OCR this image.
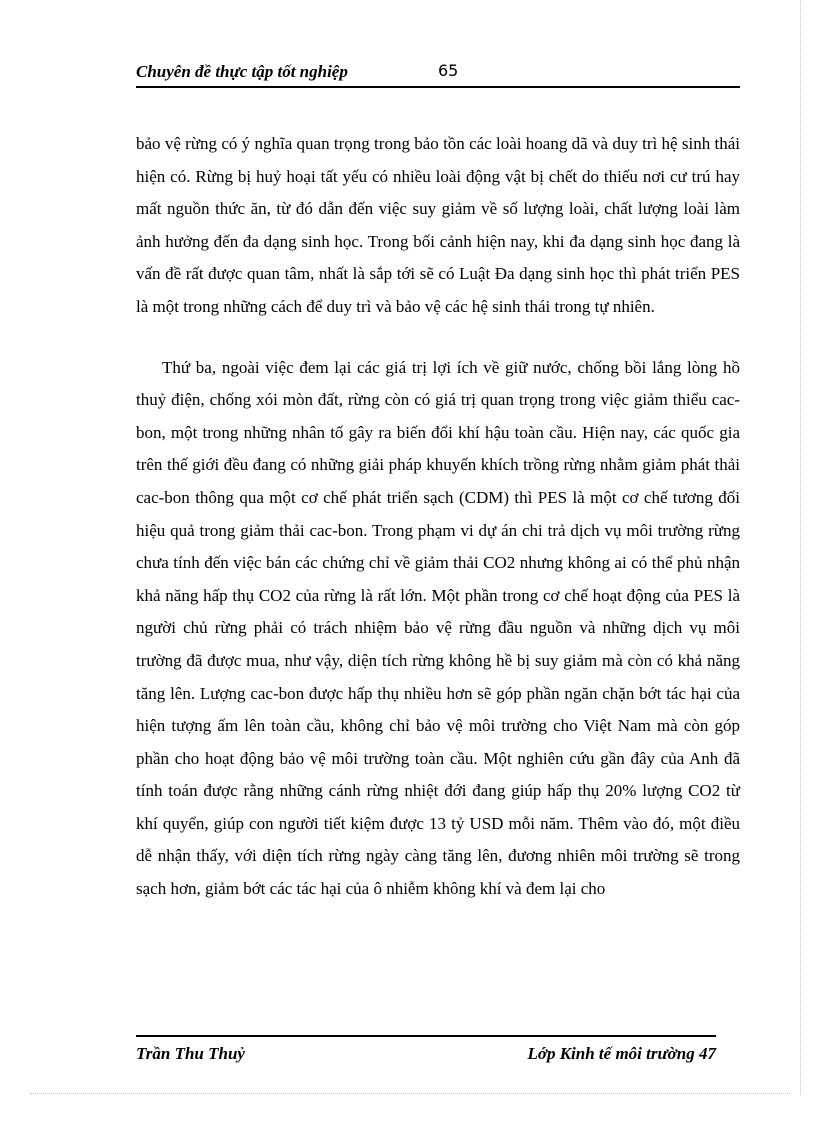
Chuyên đề thực tập tốt nghiệp	65

bảo vệ rừng có ý nghĩa quan trọng trong bảo tồn các loài hoang dã và duy trì hệ sinh thái hiện có. Rừng bị huỷ hoại tất yếu có nhiều loài động vật bị chết do thiếu nơi cư trú hay mất nguồn thức ăn, từ đó dẫn đến việc suy giảm về số lượng loài, chất lượng loài làm ảnh hưởng đến đa dạng sinh học. Trong bối cảnh hiện nay, khi đa dạng sinh học đang là vấn đề rất được quan tâm, nhất là sắp tới sẽ có Luật Đa dạng sinh học thì phát triển PES là một trong những cách để duy trì và bảo vệ các hệ sinh thái trong tự nhiên.

Thứ ba, ngoài việc đem lại các giá trị lợi ích về giữ nước, chống bồi lắng lòng hồ thuỷ điện, chống xói mòn đất, rừng còn có giá trị quan trọng trong việc giảm thiểu cac-bon, một trong những nhân tố gây ra biến đổi khí hậu toàn cầu. Hiện nay, các quốc gia trên thế giới đều đang có những giải pháp khuyến khích trồng rừng nhằm giảm phát thải cac-bon thông qua một cơ chế phát triển sạch (CDM) thì PES là một cơ chế tương đối hiệu quả trong giảm thải cac-bon. Trong phạm vi dự án chi trả dịch vụ môi trường rừng chưa tính đến việc bán các chứng chỉ về giảm thải CO2 nhưng không ai có thể phủ nhận khả năng hấp thụ CO2 của rừng là rất lớn. Một phần trong cơ chế hoạt động của PES là người chủ rừng phải có trách nhiệm bảo vệ rừng đầu nguồn và những dịch vụ môi trường đã được mua, như vậy, diện tích rừng không hề bị suy giảm mà còn có khả năng tăng lên. Lượng cac-bon được hấp thụ nhiều hơn sẽ góp phần ngăn chặn bớt tác hại của hiện tượng ấm lên toàn cầu, không chỉ bảo vệ môi trường cho Việt Nam mà còn góp phần cho hoạt động bảo vệ môi trường toàn cầu. Một nghiên cứu gần đây của Anh đã tính toán được rằng những cánh rừng nhiệt đới đang giúp hấp thụ 20% lượng CO2 từ khí quyển, giúp con người tiết kiệm được 13 tỷ USD mỗi năm. Thêm vào đó, một điều dễ nhận thấy, với diện tích rừng ngày càng tăng lên, đương nhiên môi trường sẽ trong sạch hơn, giảm bớt các tác hại của ô nhiễm không khí và đem lại cho

Trần Thu Thuỷ	Lớp Kinh tế môi trường 47
